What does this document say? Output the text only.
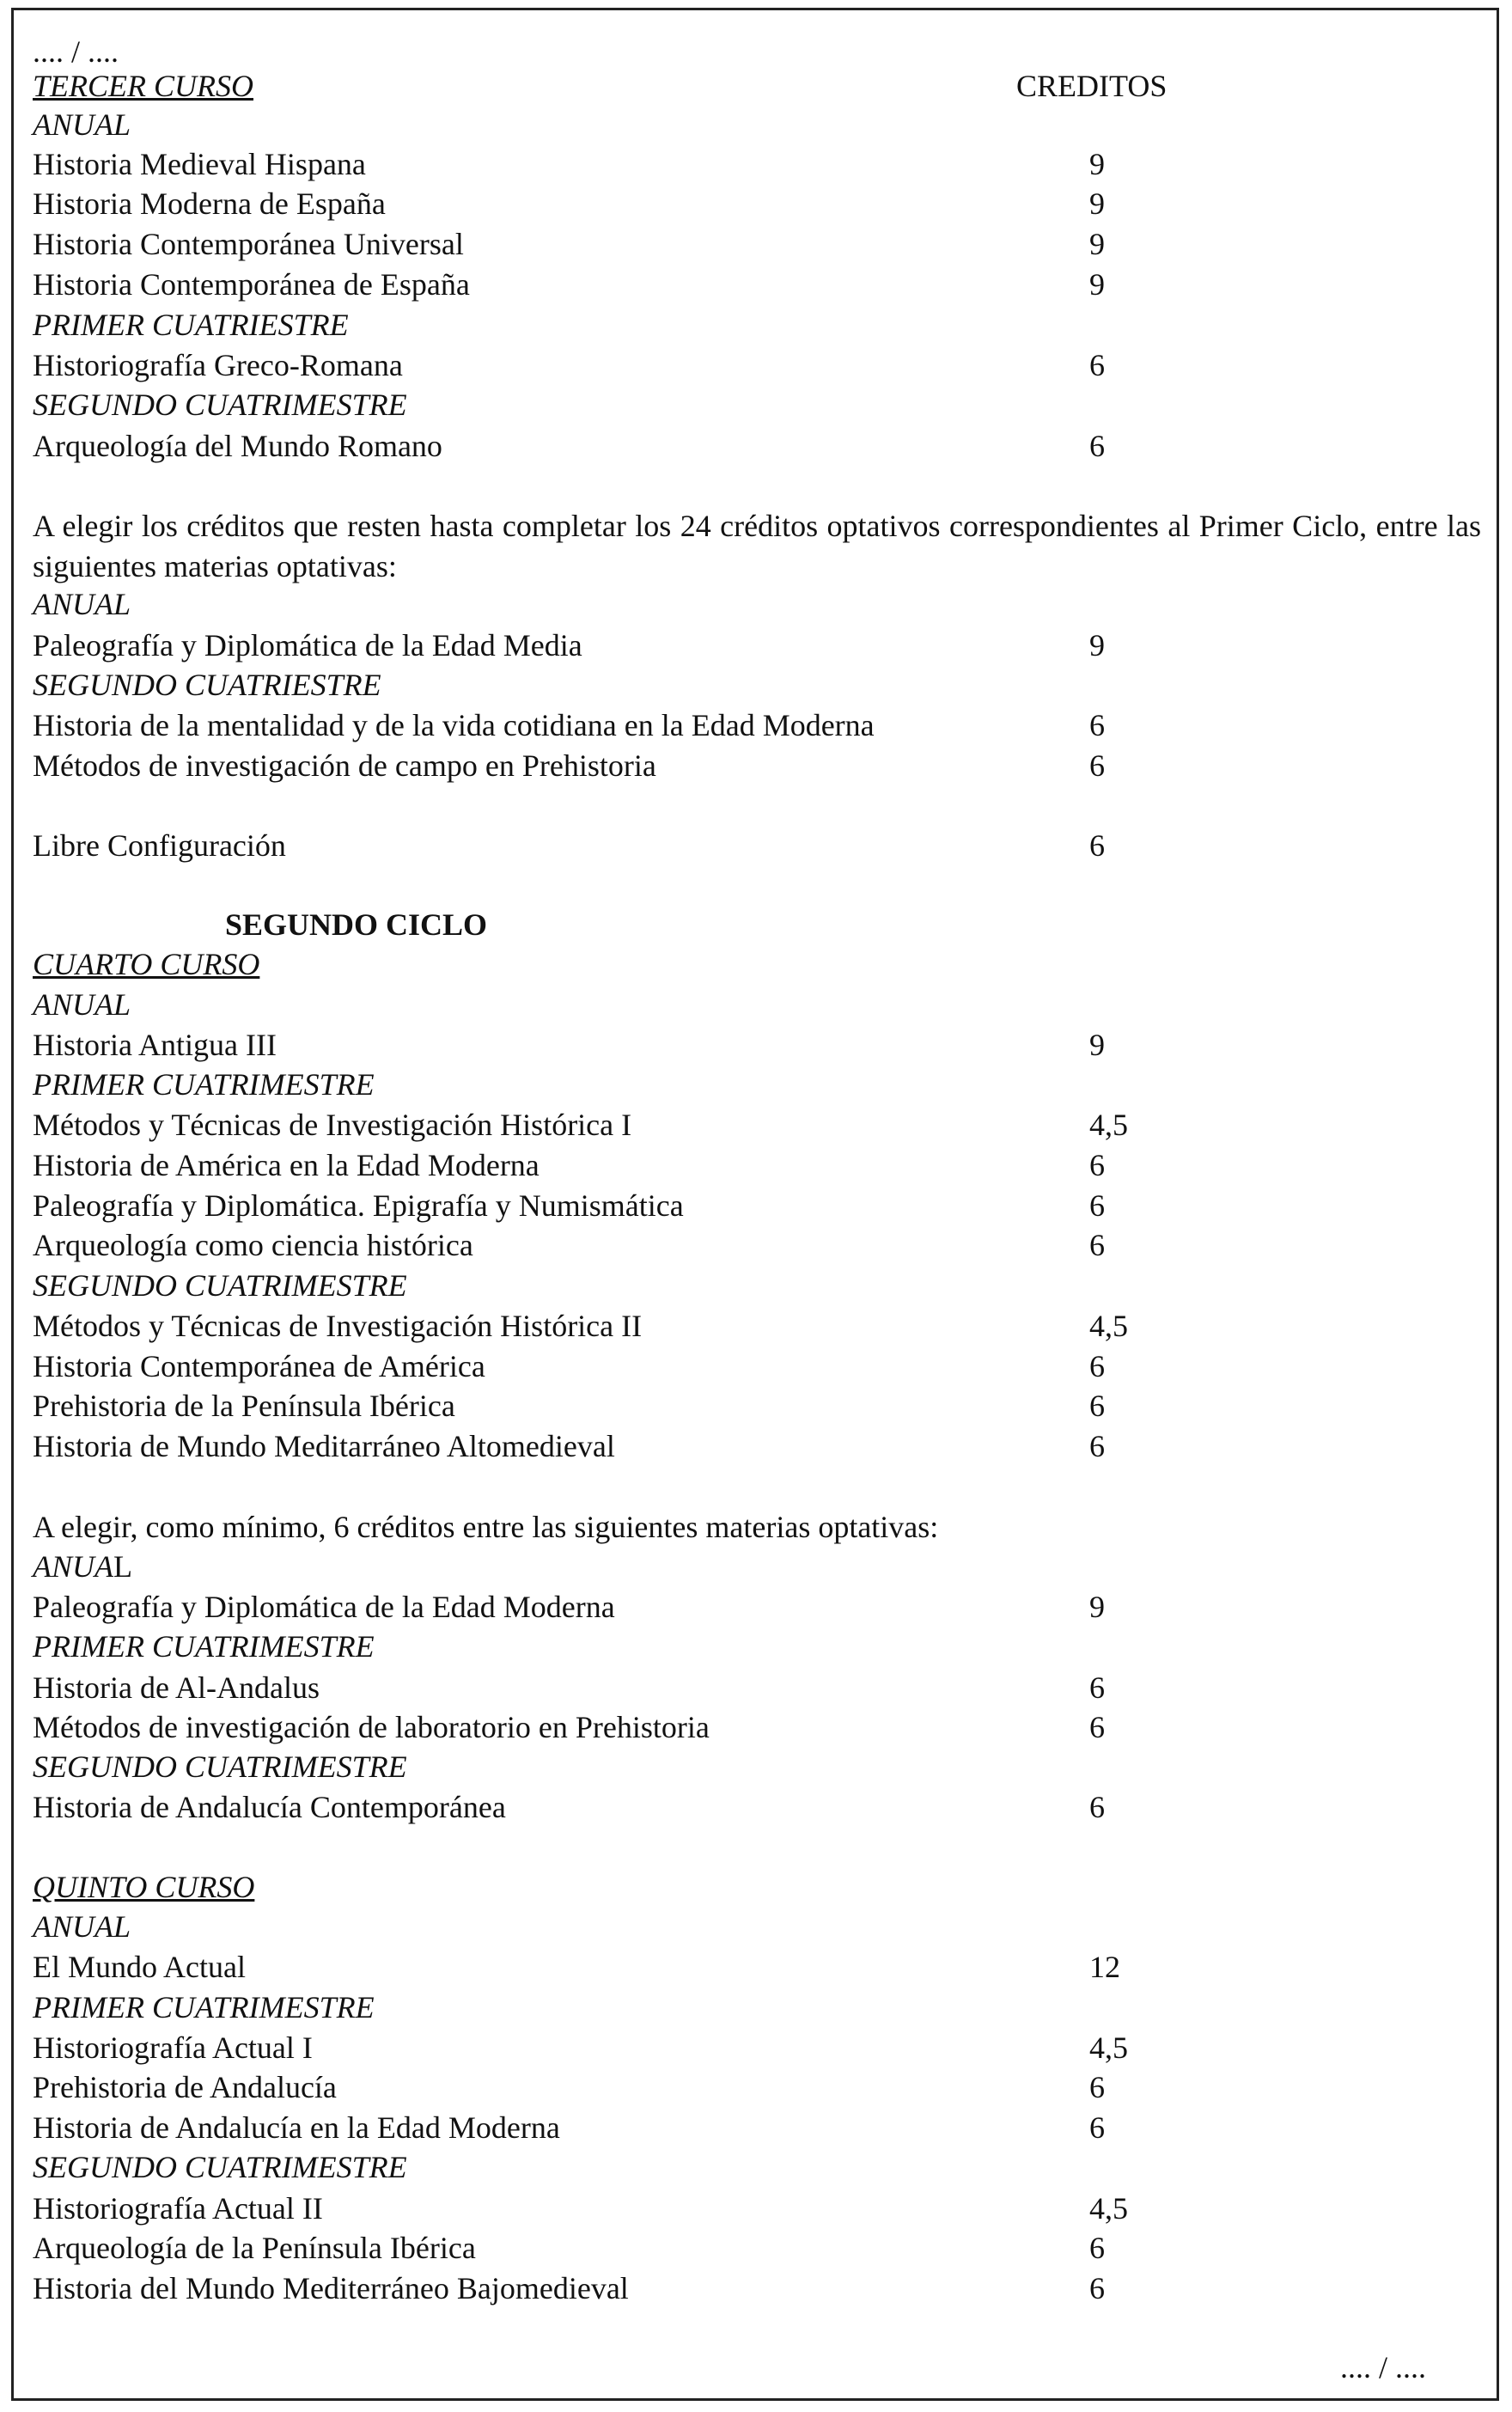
.... / ....
TERCER CURSO	CREDITOS
ANUAL
Historia Medieval Hispana	9
Historia Moderna de España	9
Historia Contemporánea Universal	9
Historia Contemporánea de España	9
PRIMER CUATRIESTRE
Historiografía Greco-Romana	6
SEGUNDO CUATRIMESTRE
Arqueología del Mundo Romano	6
A elegir los créditos que resten hasta completar los 24 créditos optativos correspondientes al Primer Ciclo, entre las siguientes materias optativas:
ANUAL
Paleografía y Diplomática de la Edad Media	9
SEGUNDO CUATRIESTRE
Historia de la mentalidad y de la vida cotidiana en la Edad Moderna	6
Métodos de investigación de campo en Prehistoria	6
Libre Configuración	6
SEGUNDO CICLO
CUARTO CURSO
ANUAL
Historia Antigua III	9
PRIMER CUATRIMESTRE
Métodos y Técnicas de Investigación Histórica I	4,5
Historia de América en la Edad Moderna	6
Paleografía y Diplomática. Epigrafía y Numismática	6
Arqueología como ciencia histórica	6
SEGUNDO CUATRIMESTRE
Métodos y Técnicas de Investigación Histórica II	4,5
Historia Contemporánea de América	6
Prehistoria de la Península Ibérica	6
Historia de Mundo Meditarráneo Altomedieval	6
A elegir, como mínimo, 6 créditos entre las siguientes materias optativas:
ANUAL
Paleografía y Diplomática de la Edad Moderna	9
PRIMER CUATRIMESTRE
Historia de Al-Andalus	6
Métodos de investigación de laboratorio en Prehistoria	6
SEGUNDO CUATRIMESTRE
Historia de Andalucía Contemporánea	6
QUINTO CURSO
ANUAL
El Mundo Actual	12
PRIMER CUATRIMESTRE
Historiografía Actual I	4,5
Prehistoria de Andalucía	6
Historia de Andalucía en la Edad Moderna	6
SEGUNDO CUATRIMESTRE
Historiografía Actual II	4,5
Arqueología de la Península Ibérica	6
Historia del Mundo Mediterráneo Bajomedieval	6
.... / ....
